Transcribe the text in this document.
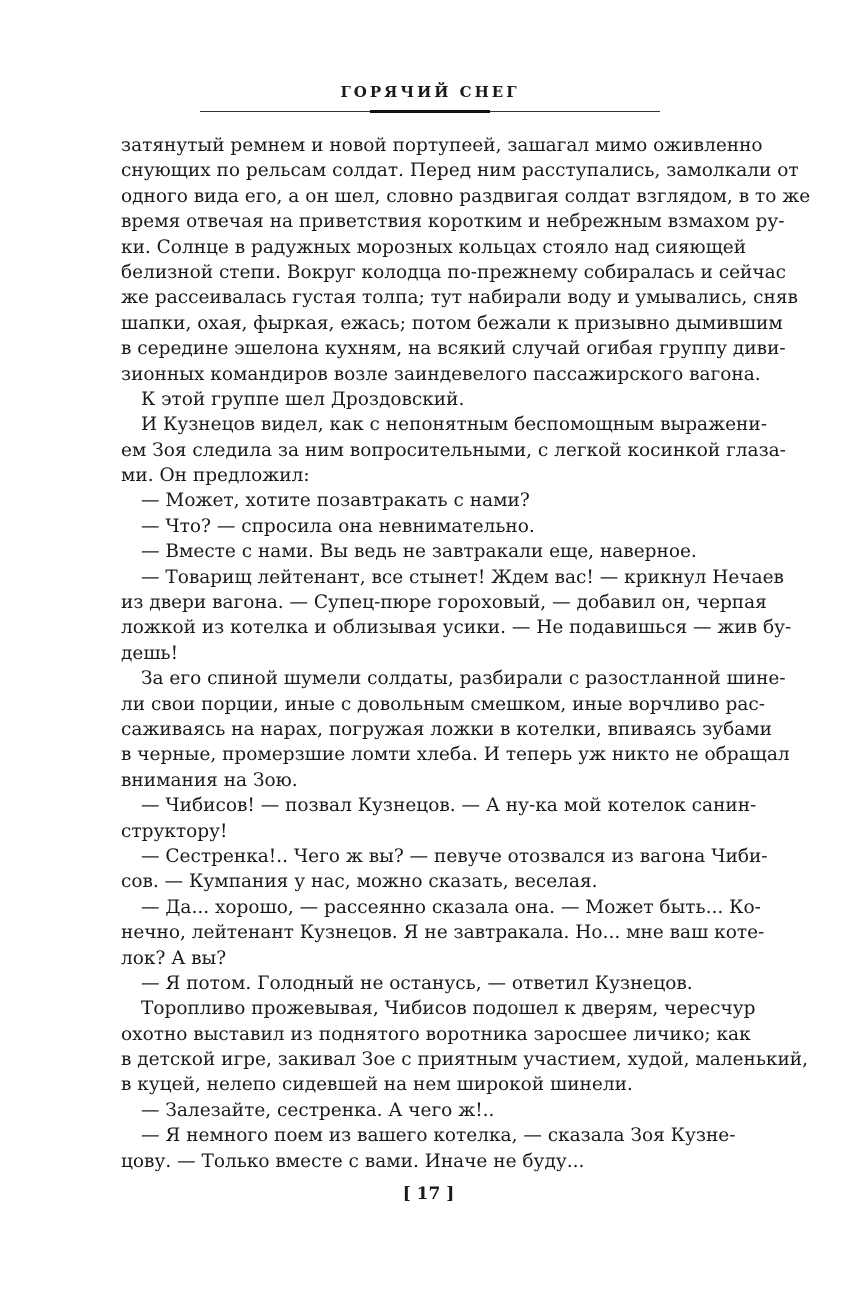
ГОРЯЧИЙ СНЕГ
затянутый ремнем и новой портупеей, зашагал мимо оживленно
снующих по рельсам солдат. Перед ним расступались, замолкали от
одного вида его, а он шел, словно раздвигая солдат взглядом, в то же
время отвечая на приветствия коротким и небрежным взмахом ру-
ки. Солнце в радужных морозных кольцах стояло над сияющей
белизной степи. Вокруг колодца по-прежнему собиралась и сейчас
же рассеивалась густая толпа; тут набирали воду и умывались, сняв
шапки, охая, фыркая, ежась; потом бежали к призывно дымившим
в середине эшелона кухням, на всякий случай огибая группу диви-
зионных командиров возле заиндевелого пассажирского вагона.
К этой группе шел Дроздовский.
И Кузнецов видел, как с непонятным беспомощным выражени-
ем Зоя следила за ним вопросительными, с легкой косинкой глаза-
ми. Он предложил:
— Может, хотите позавтракать с нами?
— Что? — спросила она невнимательно.
— Вместе с нами. Вы ведь не завтракали еще, наверное.
— Товарищ лейтенант, все стынет! Ждем вас! — крикнул Нечаев
из двери вагона. — Супец-пюре гороховый, — добавил он, черпая
ложкой из котелка и облизывая усики. — Не подавишься — жив бу-
дешь!
За его спиной шумели солдаты, разбирали с разостланной шине-
ли свои порции, иные с довольным смешком, иные ворчливо рас-
саживаясь на нарах, погружая ложки в котелки, впиваясь зубами
в черные, промерзшие ломти хлеба. И теперь уж никто не обращал
внимания на Зою.
— Чибисов! — позвал Кузнецов. — А ну-ка мой котелок санин-
структору!
— Сестренка!.. Чего ж вы? — певуче отозвался из вагона Чиби-
сов. — Кумпания у нас, можно сказать, веселая.
— Да... хорошо, — рассеянно сказала она. — Может быть... Ко-
нечно, лейтенант Кузнецов. Я не завтракала. Но... мне ваш коте-
лок? А вы?
— Я потом. Голодный не останусь, — ответил Кузнецов.
Торопливо прожевывая, Чибисов подошел к дверям, чересчур
охотно выставил из поднятого воротника заросшее личико; как
в детской игре, закивал Зое с приятным участием, худой, маленький,
в куцей, нелепо сидевшей на нем широкой шинели.
— Залезайте, сестренка. А чего ж!..
— Я немного поем из вашего котелка, — сказала Зоя Кузне-
цову. — Только вместе с вами. Иначе не буду...
[ 17 ]
